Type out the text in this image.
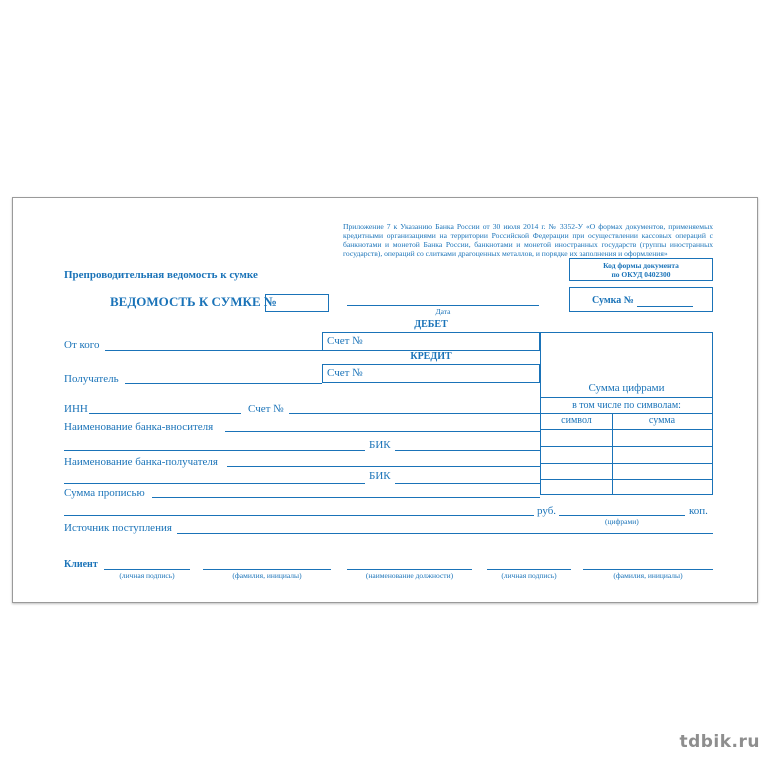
Приложение 7 к Указанию Банка России от 30 июля 2014 г. № 3352-У «О формах документов, применяемых кредитными организациями на территории Российской Федерации при осуществлении кассовых операций с банкнотами и монетой Банка России, банкнотами и монетой иностранных государств (группы иностранных государств), операций со слитками драгоценных металлов, и порядке их заполнения и оформления»
Код формы документа
по ОКУД 0402300
Препроводительная ведомость к сумке
ВЕДОМОСТЬ К СУМКЕ №
Дата
Сумка №
ДЕБЕТ
Счет №
КРЕДИТ
Счет №
От кого
Получатель
ИНН	Счет №
Наименование банка-вносителя
БИК
Наименование банка-получателя
БИК
Сумма прописью
руб.
(цифрами)
коп.
Источник поступления
Сумма цифрами
в том числе по символам:
символ	сумма
Клиент
(личная подпись)	(фамилия, инициалы)	(наименование должности)	(личная подпись)	(фамилия, инициалы)
tdbik.ru
